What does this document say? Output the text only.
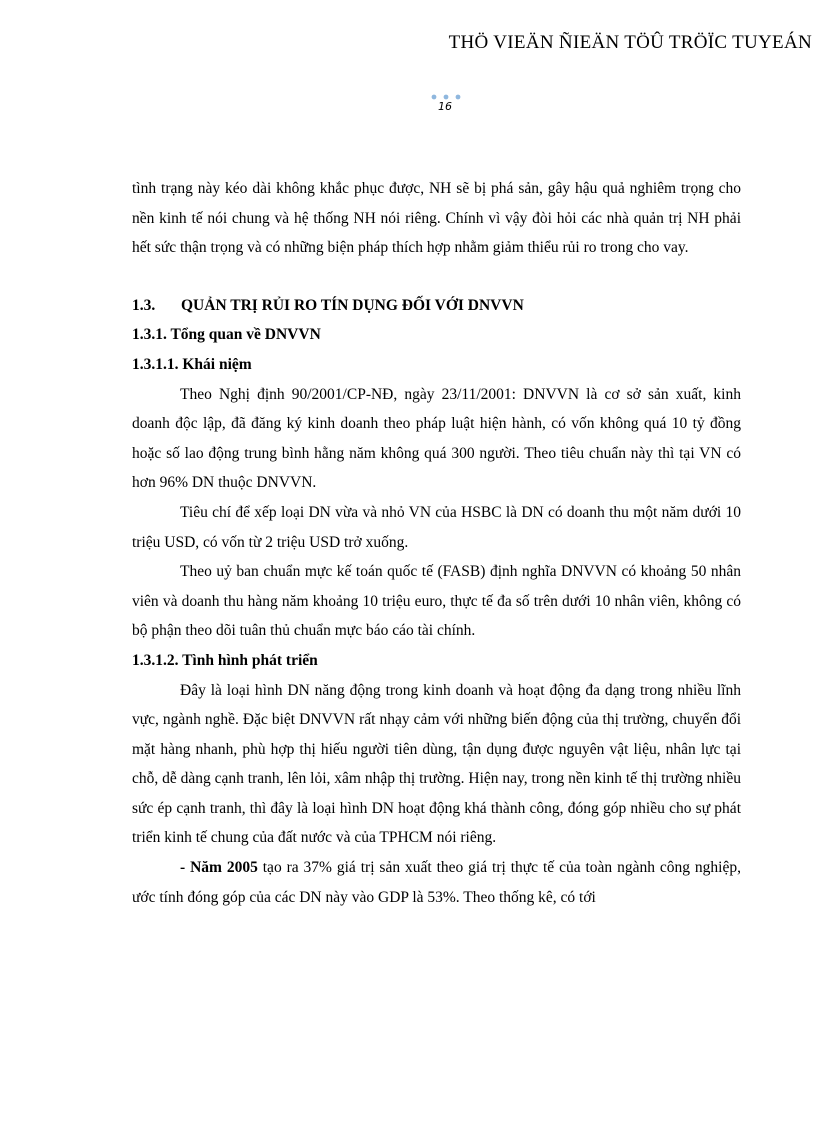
THÖ VIEÄN ÑIEÄN TÖÛ TRÖÏC TUYEÁN
16

tình trạng này kéo dài không khắc phục được, NH sẽ bị phá sản, gây hậu quả nghiêm trọng cho nền kinh tế nói chung và hệ thống NH nói riêng. Chính vì vậy đòi hỏi các nhà quản trị NH phải hết sức thận trọng và có những biện pháp thích hợp nhằm giảm thiểu rủi ro trong cho vay.

1.3. QUẢN TRỊ RỦI RO TÍN DỤNG ĐỐI VỚI DNVVN

1.3.1. Tổng quan về DNVVN

1.3.1.1. Khái niệm

Theo Nghị định 90/2001/CP-NĐ, ngày 23/11/2001: DNVVN là cơ sở sản xuất, kinh doanh độc lập, đã đăng ký kinh doanh theo pháp luật hiện hành, có vốn không quá 10 tỷ đồng hoặc số lao động trung bình hằng năm không quá 300 người. Theo tiêu chuẩn này thì tại VN có hơn 96% DN thuộc DNVVN.

Tiêu chí để xếp loại DN vừa và nhỏ VN của HSBC là DN có doanh thu một năm dưới 10 triệu USD, có vốn từ 2 triệu USD trở xuống.

Theo uỷ ban chuẩn mực kế toán quốc tế (FASB) định nghĩa DNVVN có khoảng 50 nhân viên và doanh thu hàng năm khoảng 10 triệu euro, thực tế đa số trên dưới 10 nhân viên, không có bộ phận theo dõi tuân thủ chuẩn mực báo cáo tài chính.

1.3.1.2. Tình hình phát triển

Đây là loại hình DN năng động trong kinh doanh và hoạt động đa dạng trong nhiều lĩnh vực, ngành nghề. Đặc biệt DNVVN rất nhạy cảm với những biến động của thị trường, chuyển đổi mặt hàng nhanh, phù hợp thị hiếu người tiên dùng, tận dụng được nguyên vật liệu, nhân lực tại chỗ, dễ dàng cạnh tranh, lên lỏi, xâm nhập thị trường. Hiện nay, trong nền kinh tế thị trường nhiều sức ép cạnh tranh, thì đây là loại hình DN hoạt động khá thành công, đóng góp nhiều cho sự phát triển kinh tế chung của đất nước và của TPHCM nói riêng.

- Năm 2005 tạo ra 37% giá trị sản xuất theo giá trị thực tế của toàn ngành công nghiệp, ước tính đóng góp của các DN này vào GDP là 53%. Theo thống kê, có tới
